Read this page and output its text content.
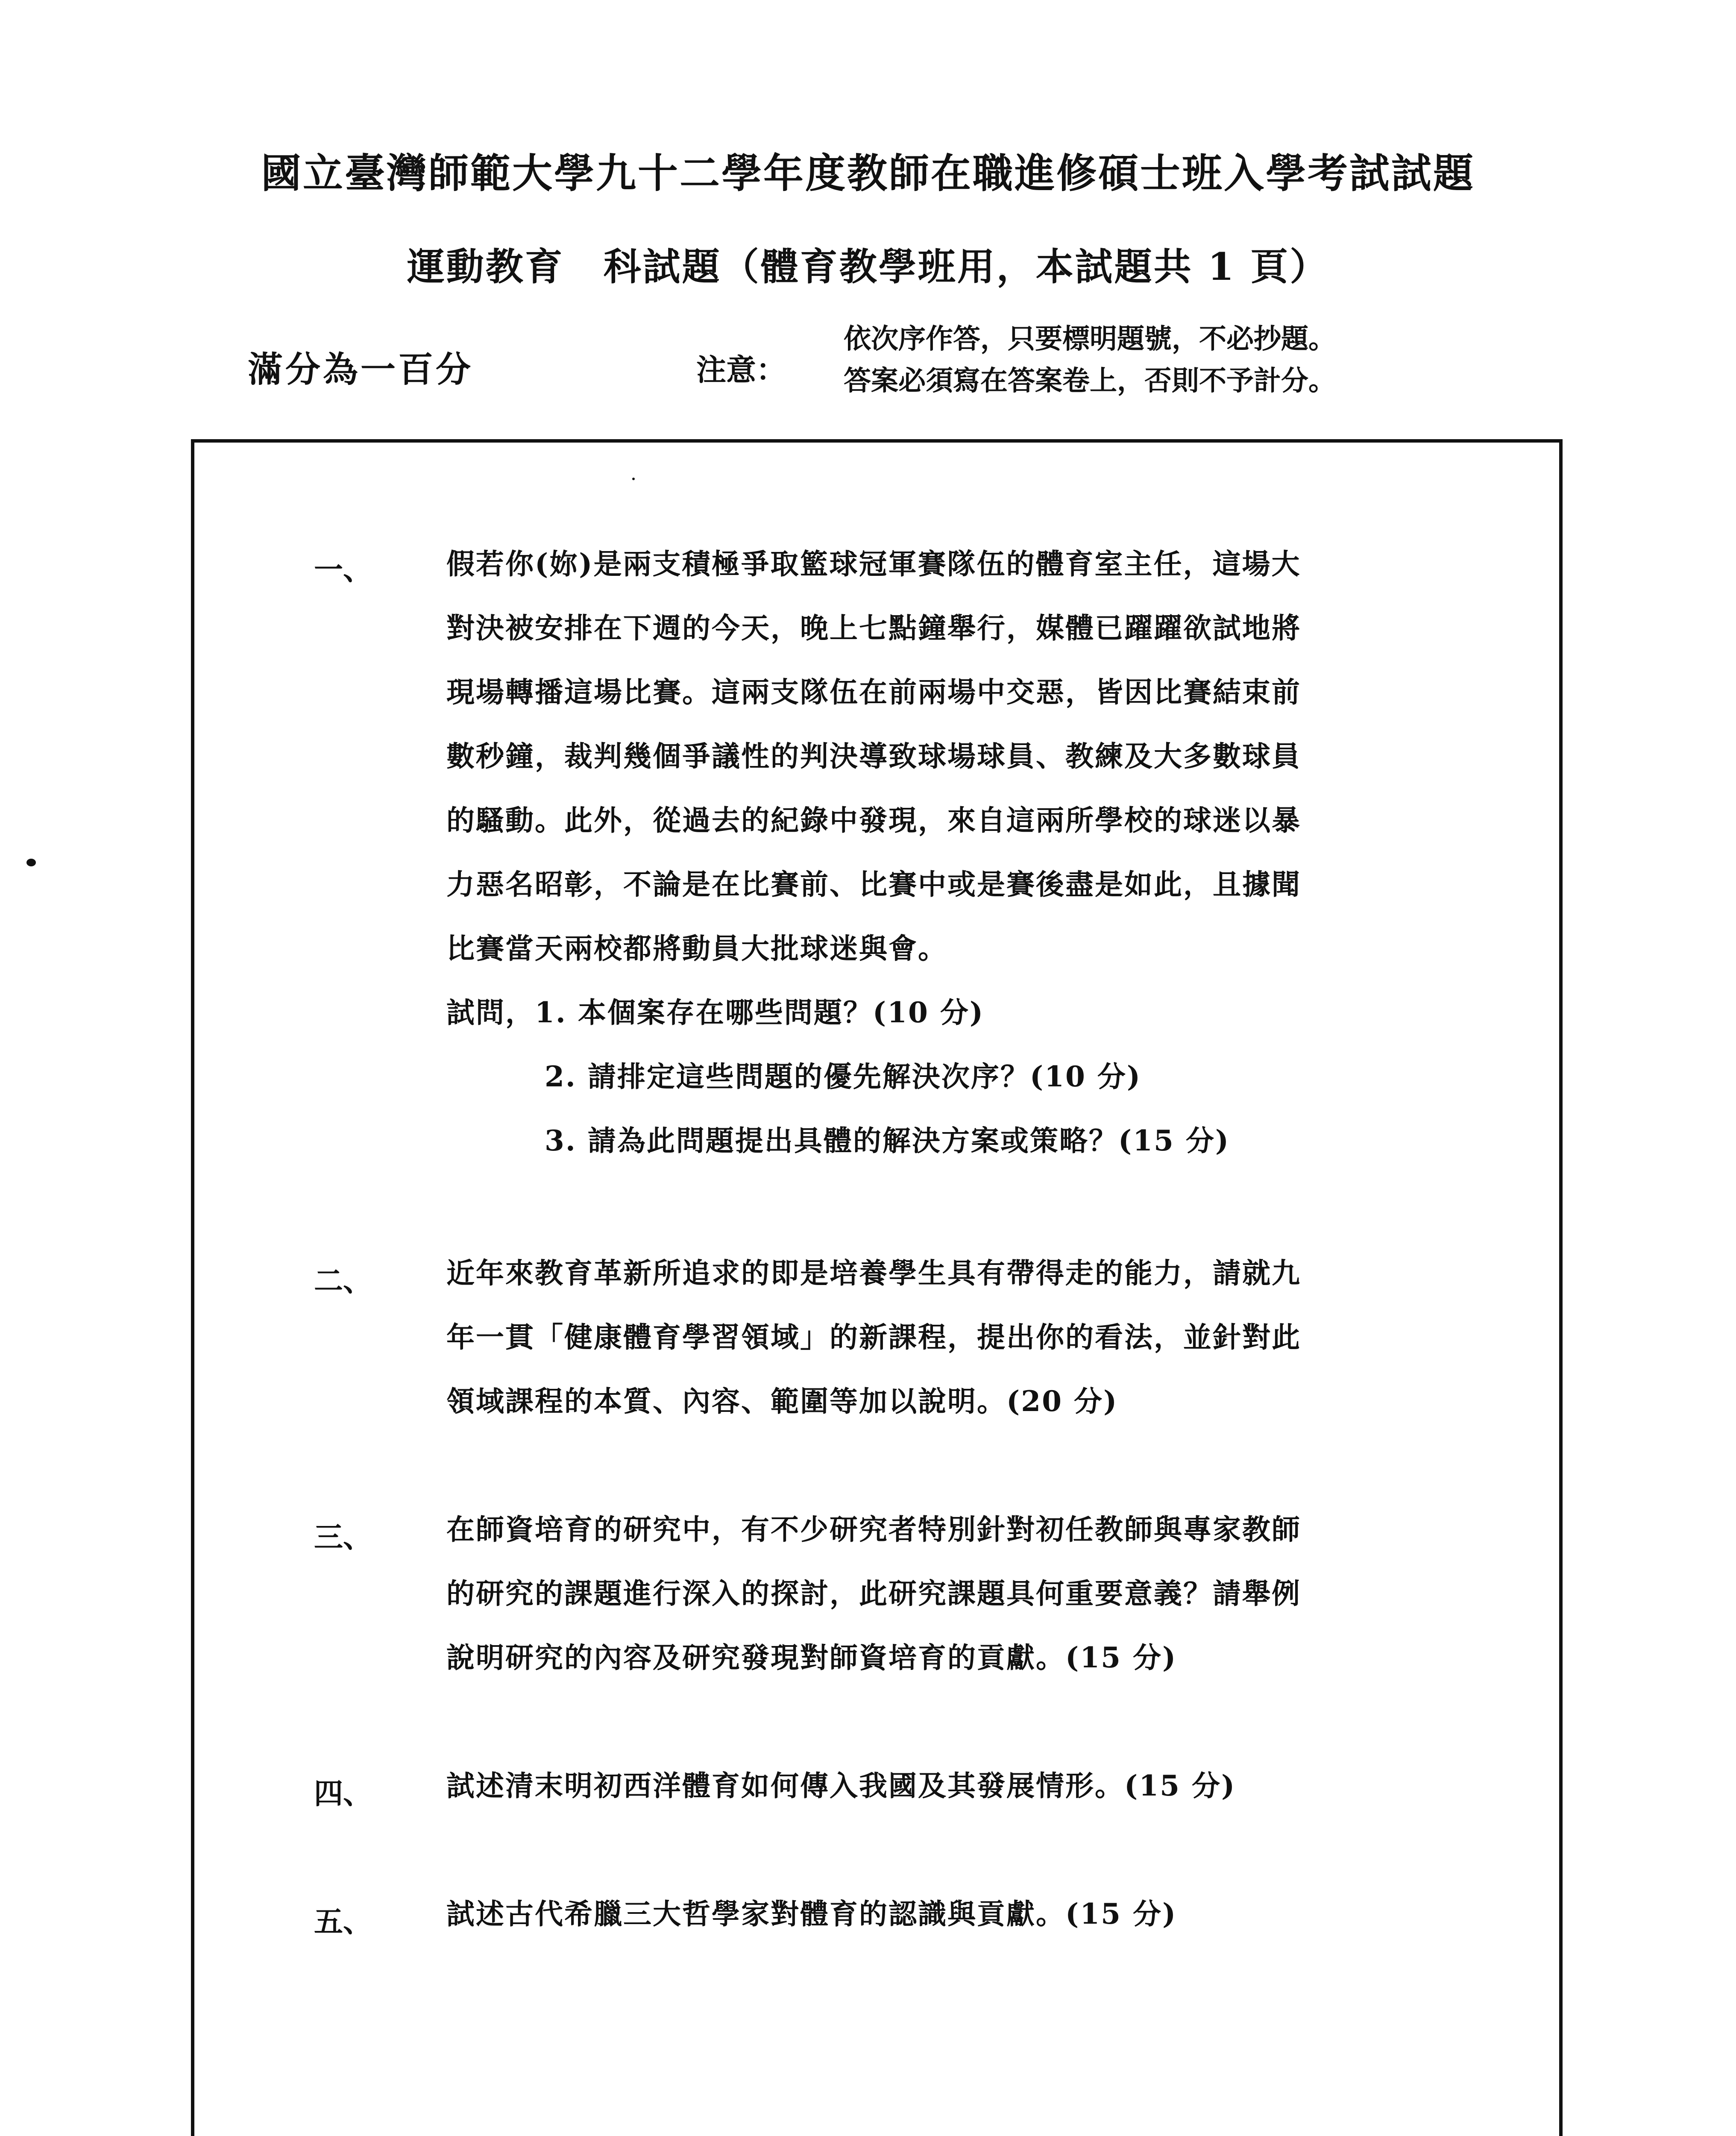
國立臺灣師範大學九十二學年度教師在職進修碩士班入學考試試題
運動教育　科試題（體育教學班用，本試題共 1 頁）
滿分為一百分	注意：
依次序作答，只要標明題號，不必抄題。
答案必須寫在答案卷上，否則不予計分。
一、	假若你(妳)是兩支積極爭取籃球冠軍賽隊伍的體育室主任，這場大
對決被安排在下週的今天，晚上七點鐘舉行，媒體已躍躍欲試地將
現場轉播這場比賽。這兩支隊伍在前兩場中交惡，皆因比賽結束前
數秒鐘，裁判幾個爭議性的判決導致球場球員、教練及大多數球員
的騷動。此外，從過去的紀錄中發現，來自這兩所學校的球迷以暴
力惡名昭彰，不論是在比賽前、比賽中或是賽後盡是如此，且據聞
比賽當天兩校都將動員大批球迷與會。
試問，1. 本個案存在哪些問題？(10 分)
2. 請排定這些問題的優先解決次序？(10 分)
3. 請為此問題提出具體的解決方案或策略？(15 分)
二、	近年來教育革新所追求的即是培養學生具有帶得走的能力，請就九
年一貫「健康體育學習領域」的新課程，提出你的看法，並針對此
領域課程的本質、內容、範圍等加以說明。(20 分)
三、	在師資培育的研究中，有不少研究者特別針對初任教師與專家教師
的研究的課題進行深入的探討，此研究課題具何重要意義？請舉例
說明研究的內容及研究發現對師資培育的貢獻。(15 分)
四、	試述清末明初西洋體育如何傳入我國及其發展情形。(15 分)
五、	試述古代希臘三大哲學家對體育的認識與貢獻。(15 分)
